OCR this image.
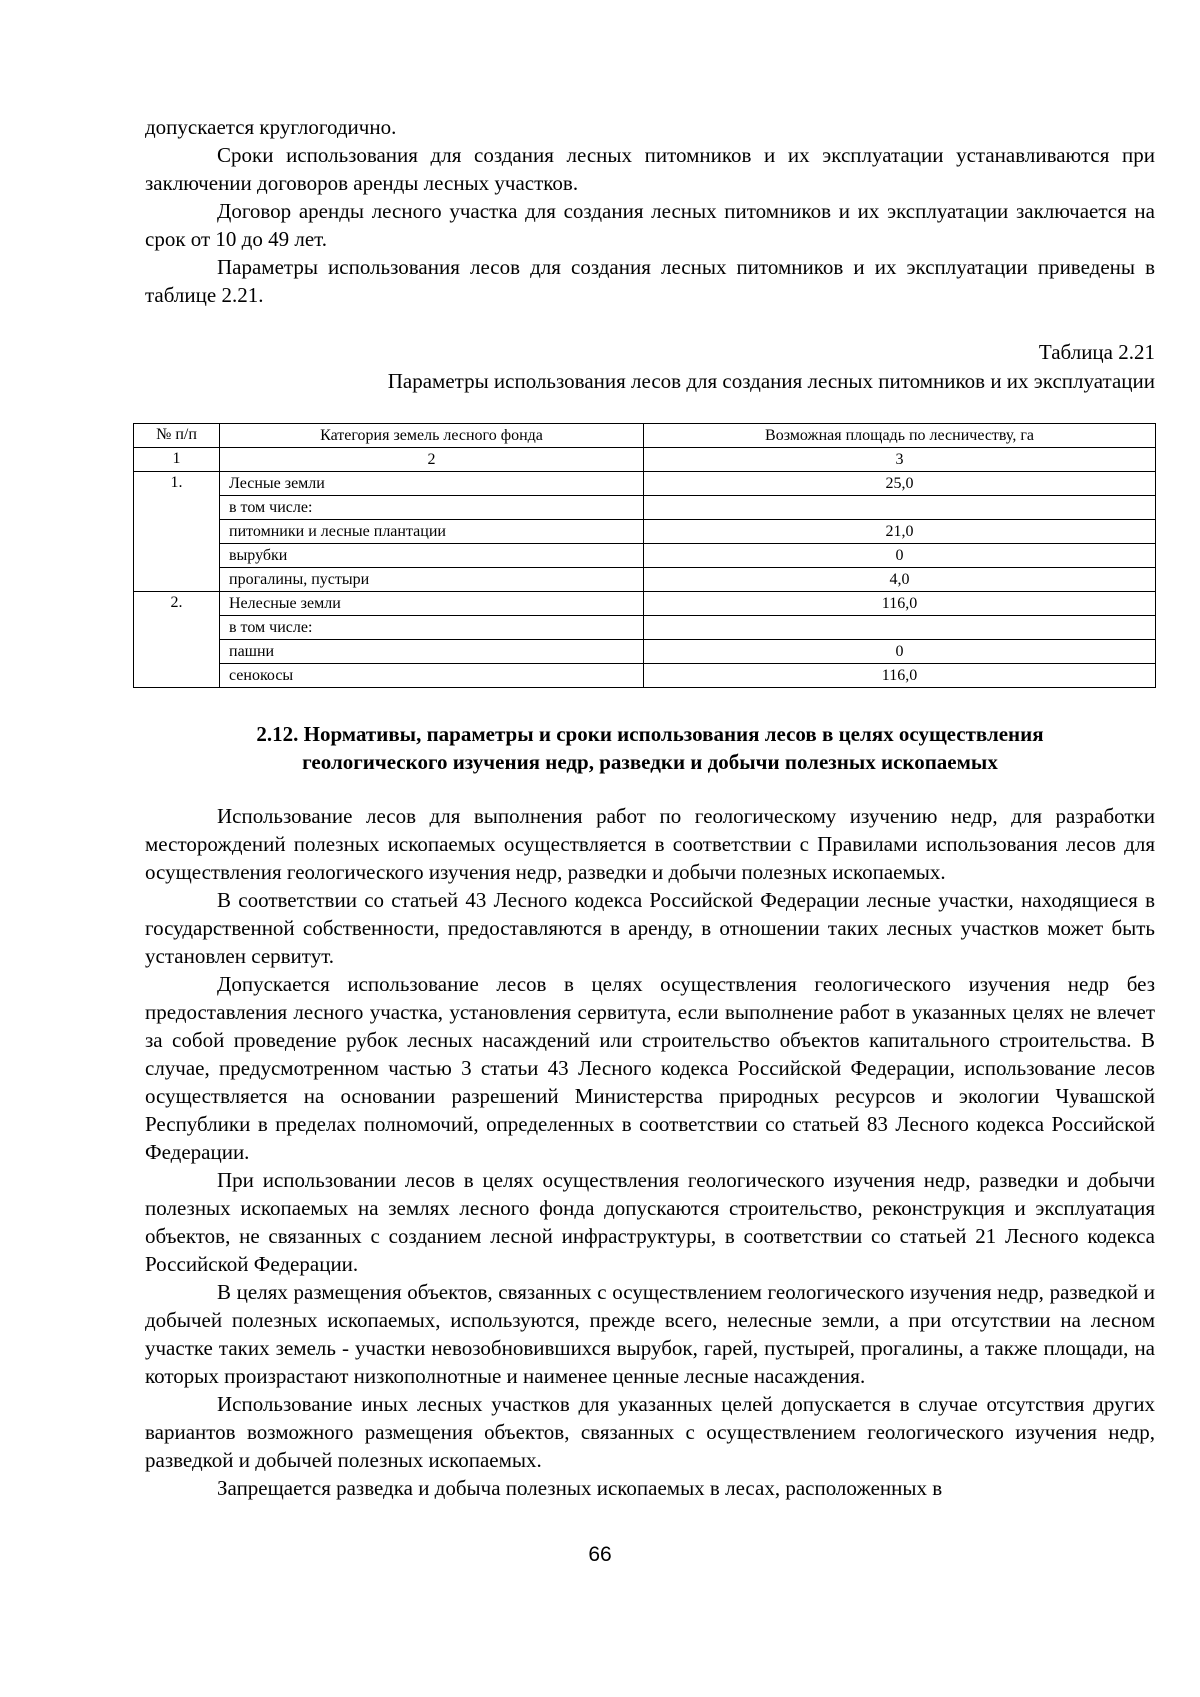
допускается круглогодично.

Сроки использования для создания лесных питомников и их эксплуатации устанавливаются при заключении договоров аренды лесных участков.

Договор аренды лесного участка для создания лесных питомников и их эксплуатации заключается на срок от 10 до 49 лет.

Параметры использования лесов для создания лесных питомников и их эксплуатации приведены в таблице 2.21.

Таблица 2.21
Параметры использования лесов для создания лесных питомников и их эксплуатации
№ п/п	Категория земель лесного фонда	Возможная площадь по лесничеству, га
1	2	3
1.	Лесные земли	25,0
	в том числе:	
	питомники и лесные плантации	21,0
	вырубки	0
	прогалины, пустыри	4,0
2.	Нелесные земли	116,0
	в том числе:	
	пашни	0
	сенокосы	116,0
2.12. Нормативы, параметры и сроки использования лесов в целях осуществления
геологического изучения недр, разведки и добычи полезных ископаемых

Использование лесов для выполнения работ по геологическому изучению недр, для разработки месторождений полезных ископаемых осуществляется в соответствии с Правилами использования лесов для осуществления геологического изучения недр, разведки и добычи полезных ископаемых.

В соответствии со статьей 43 Лесного кодекса Российской Федерации лесные участки, находящиеся в государственной собственности, предоставляются в аренду, в отношении таких лесных участков может быть установлен сервитут.

Допускается использование лесов в целях осуществления геологического изучения недр без предоставления лесного участка, установления сервитута, если выполнение работ в указанных целях не влечет за собой проведение рубок лесных насаждений или строительство объектов капитального строительства. В случае, предусмотренном частью 3 статьи 43 Лесного кодекса Российской Федерации, использование лесов осуществляется на основании разрешений Министерства природных ресурсов и экологии Чувашской Республики в пределах полномочий, определенных в соответствии со статьей 83 Лесного кодекса Российской Федерации.

При использовании лесов в целях осуществления геологического изучения недр, разведки и добычи полезных ископаемых на землях лесного фонда допускаются строительство, реконструкция и эксплуатация объектов, не связанных с созданием лесной инфраструктуры, в соответствии со статьей 21 Лесного кодекса Российской Федерации.

В целях размещения объектов, связанных с осуществлением геологического изучения недр, разведкой и добычей полезных ископаемых, используются, прежде всего, нелесные земли, а при отсутствии на лесном участке таких земель - участки невозобновившихся вырубок, гарей, пустырей, прогалины, а также площади, на которых произрастают низкополнотные и наименее ценные лесные насаждения.

Использование иных лесных участков для указанных целей допускается в случае отсутствия других вариантов возможного размещения объектов, связанных с осуществлением геологического изучения недр, разведкой и добычей полезных ископаемых.

Запрещается разведка и добыча полезных ископаемых в лесах, расположенных в

66
